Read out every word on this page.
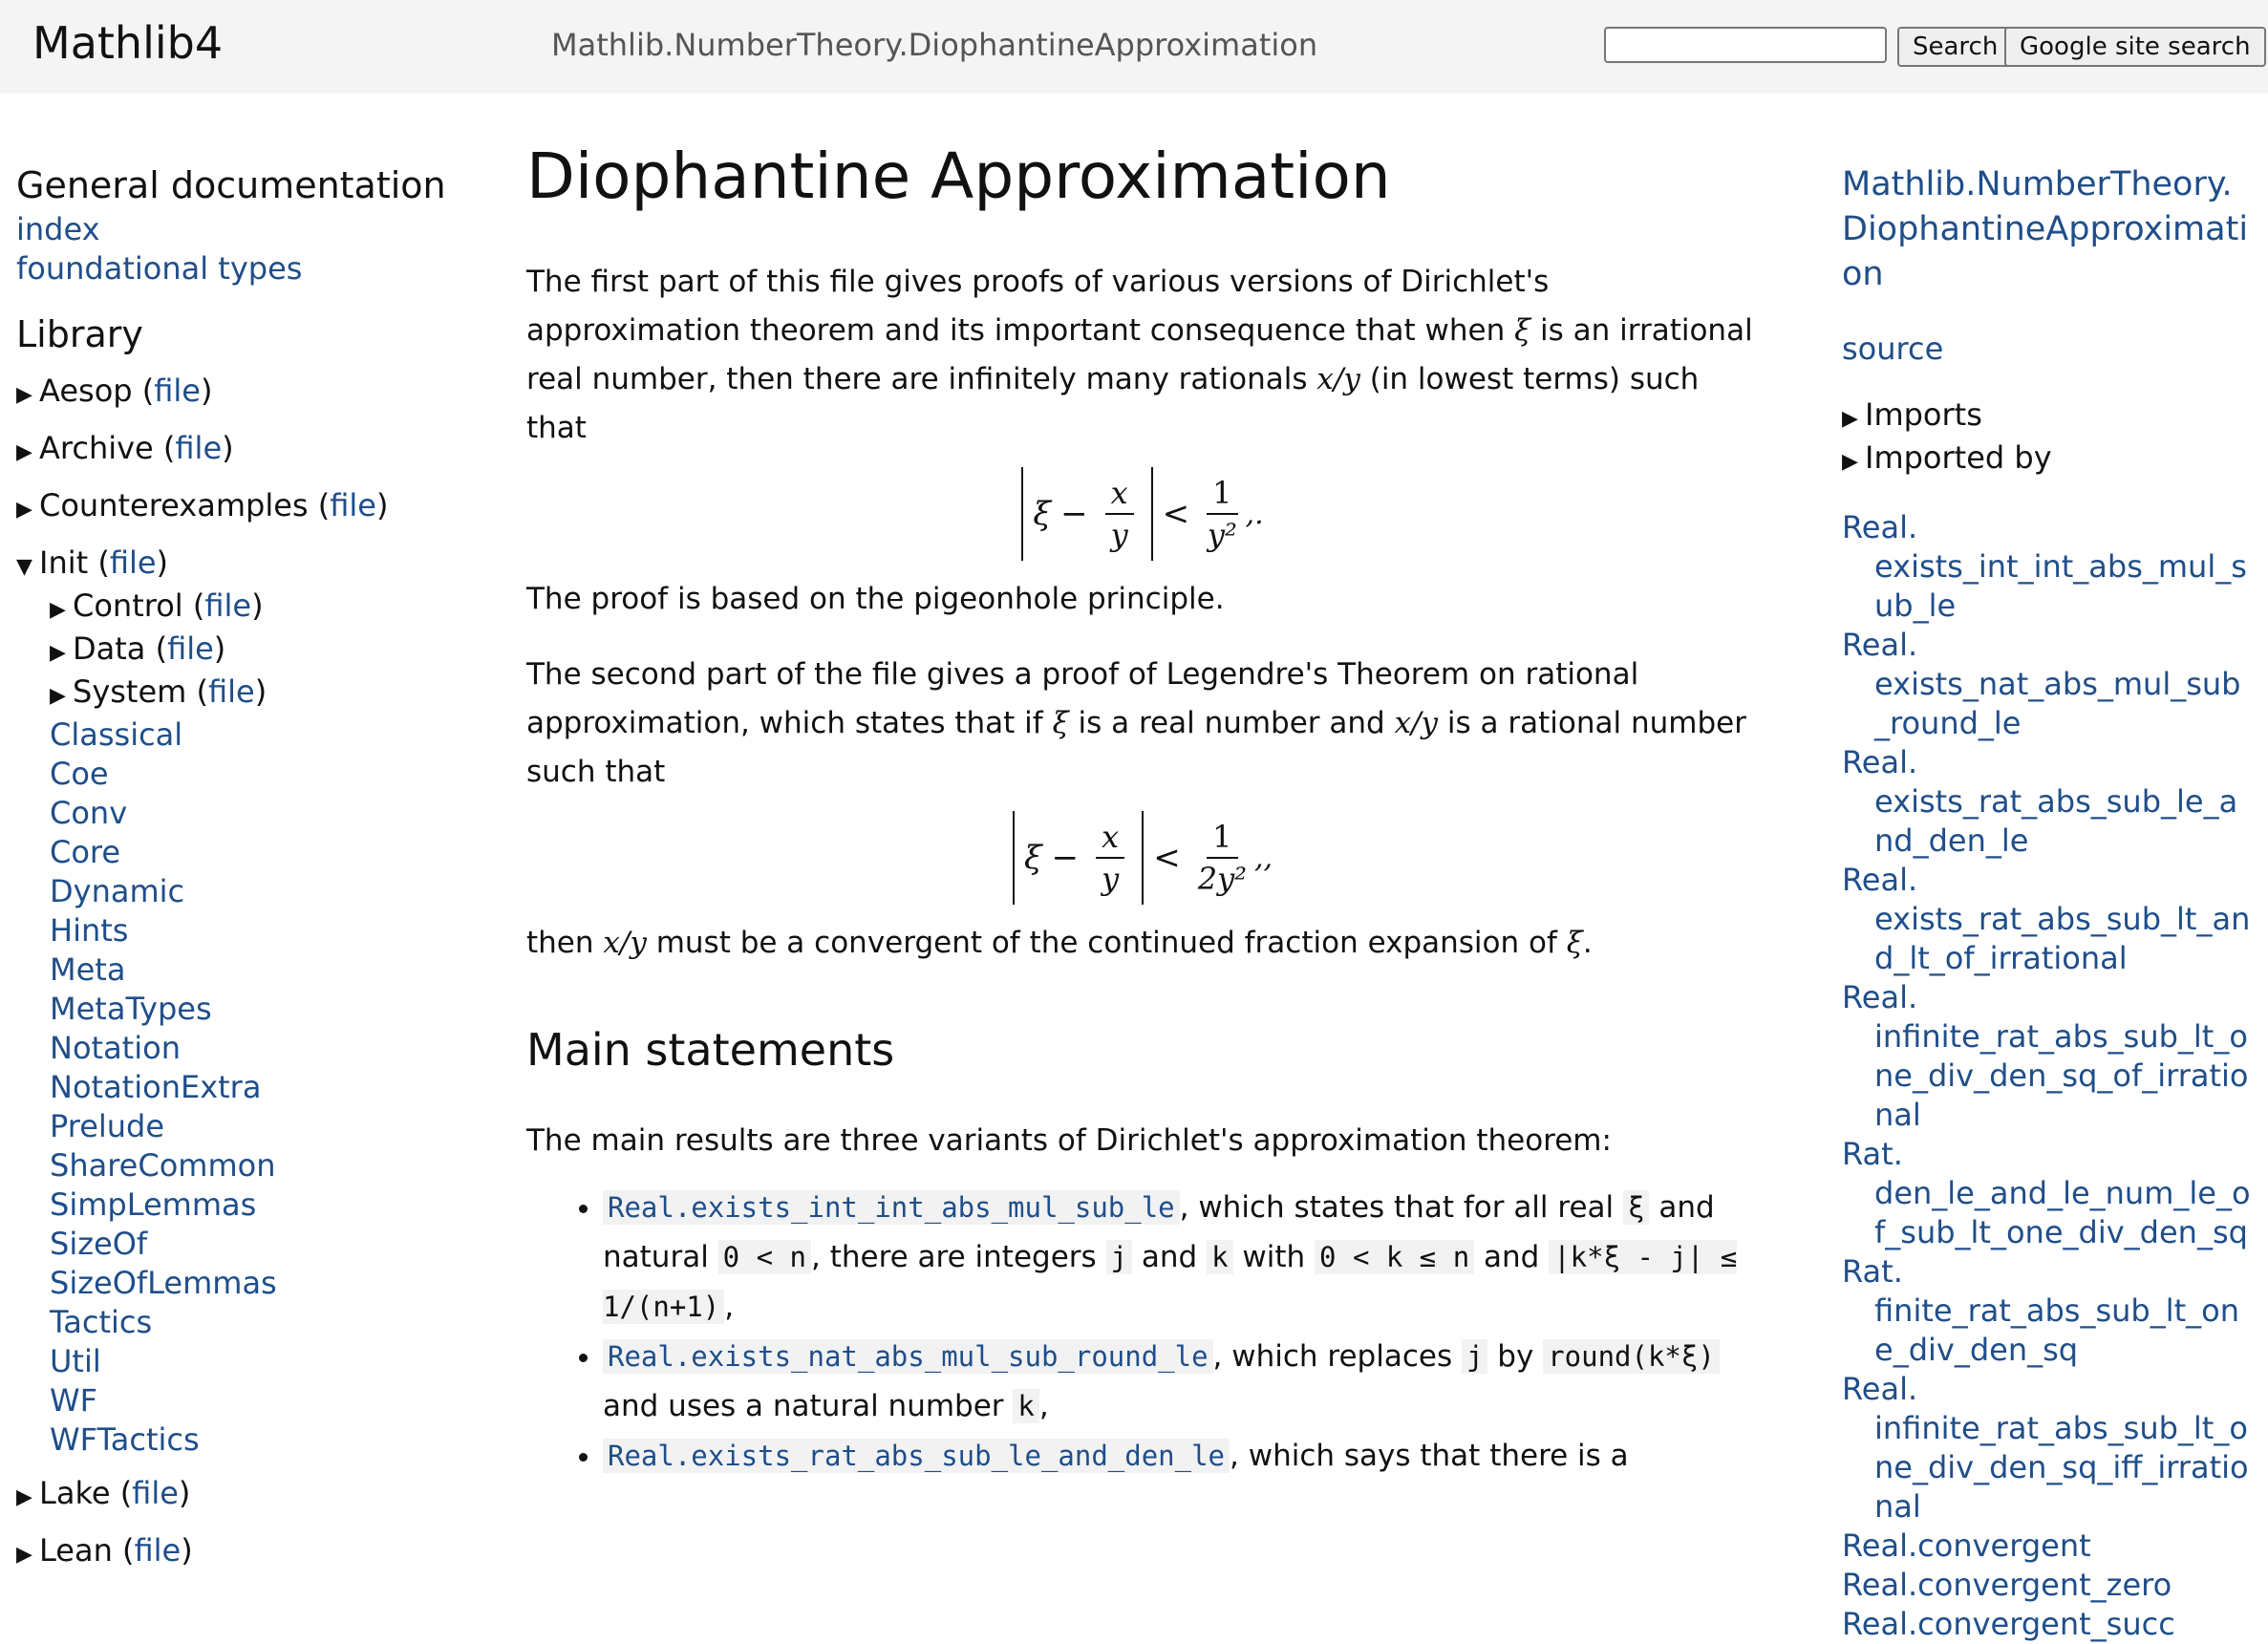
Mathlib4	Mathlib.NumberTheory.DiophantineApproximation	Search Google site search
General documentation
index
foundational types
Library
▶ Aesop (file)
▶ Archive (file)
▶ Counterexamples (file)
▼ Init (file)
▶ Control (file)
▶ Data (file)
▶ System (file)
Classical
Coe
Conv
Core
Dynamic
Hints
Meta
MetaTypes
Notation
NotationExtra
Prelude
ShareCommon
SimpLemmas
SizeOf
SizeOfLemmas
Tactics
Util
WF
WFTactics
▶ Lake (file)
▶ Lean (file)
Diophantine Approximation

The first part of this file gives proofs of various versions of Dirichlet's approximation theorem and its important consequence that when ξ is an irrational real number, then there are infinitely many rationals x/y (in lowest terms) such that

$\xi - \frac{x}{y} < \frac{1}{\text{y²}}$ ,.

The proof is based on the pigeonhole principle.

The second part of the file gives a proof of Legendre's Theorem on rational approximation, which states that if ξ is a real number and x/y is a rational number such that

$\xi - \frac{x}{y} < \frac{1}{\text{2y²}}$ ,,

then x/y must be a convergent of the continued fraction expansion of ξ.

Main statements

The main results are three variants of Dirichlet's approximation theorem:

• Real.exists_int_int_abs_mul_sub_le , which states that for all real ξ and natural 0 < n , there are integers j and k with 0 < k ≤ n and |k*ξ - j| ≤ 1/(n+1) ,
• Real.exists_nat_abs_mul_sub_round_le , which replaces j by round(k*ξ) and uses a natural number k ,
• Real.exists_rat_abs_sub_le_and_den_le , which says that there is a
Mathlib.NumberTheory.DiophantineApproximation
source
▶ Imports
▶ Imported by
Real.
exists_int_int_abs_mul_sub_le
Real.
exists_nat_abs_mul_sub_round_le
Real.
exists_rat_abs_sub_le_and_den_le
Real.
exists_rat_abs_sub_lt_and_lt_of_irrational
Real.
infinite_rat_abs_sub_lt_one_div_den_sq_of_irrational
Rat.
den_le_and_le_num_le_of_sub_lt_one_div_den_sq
Rat.
finite_rat_abs_sub_lt_one_div_den_sq
Real.
infinite_rat_abs_sub_lt_one_div_den_sq_iff_irrational
Real.convergent
Real.convergent_zero
Real.convergent_succ
